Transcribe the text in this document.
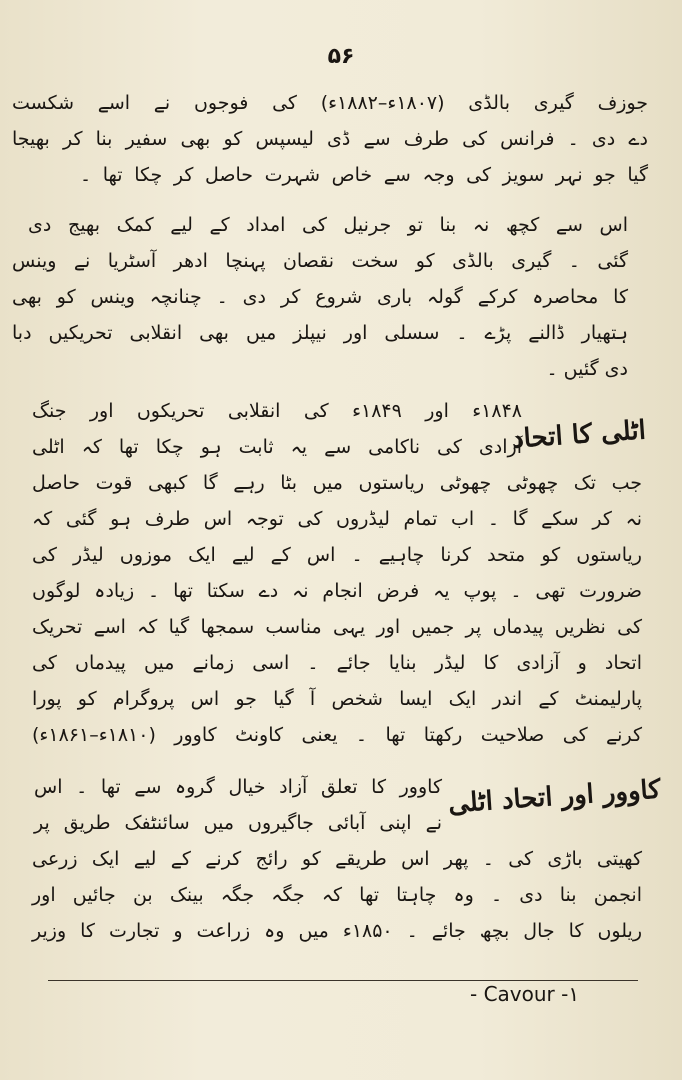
۵۶
جوزف گیری بالڈی (۱۸۰۷ء–۱۸۸۲ء) کی فوجوں نے اسے شکست
دے دی ۔ فرانس کی طرف سے ڈی لیسپس کو بھی سفیر بنا کر بھیجا
گیا جو نہر سویز کی وجہ سے خاص شہرت حاصل کر چکا تھا ۔
اس سے کچھ نہ بنا تو جرنیل کی امداد کے لیے کمک بھیج دی
گئی ۔ گیری بالڈی کو سخت نقصان پہنچا ادھر آسٹریا نے وینس
کا محاصرہ کرکے گولہ باری شروع کر دی ۔ چنانچہ وینس کو بھی
ہتھیار ڈالنے پڑے ۔ سسلی اور نیپلز میں بھی انقلابی تحریکیں دبا
دی گئیں ۔
اٹلی کا اتحاد
۱۸۴۸ء اور ۱۸۴۹ء کی انقلابی تحریکوں اور جنگ
آزادی کی ناکامی سے یہ ثابت ہو چکا تھا کہ اٹلی
جب تک چھوٹی چھوٹی ریاستوں میں بٹا رہے گا کبھی قوت حاصل
نہ کر سکے گا ۔ اب تمام لیڈروں کی توجہ اس طرف ہو گئی کہ
ریاستوں کو متحد کرنا چاہیے ۔ اس کے لیے ایک موزوں لیڈر کی
ضرورت تھی ۔ پوپ یہ فرض انجام نہ دے سکتا تھا ۔ زیادہ لوگوں
کی نظریں پیدماں پر جمیں اور یہی مناسب سمجھا گیا کہ اسے تحریک
اتحاد و آزادی کا لیڈر بنایا جائے ۔ اسی زمانے میں پیدماں کی
پارلیمنٹ کے اندر ایک ایسا شخص آ گیا جو اس پروگرام کو پورا
کرنے کی صلاحیت رکھتا تھا ۔ یعنی کاونٹ کاوور (۱۸۱۰ء–۱۸۶۱ء)
کاوور اور اتحاد اٹلی
کاوور کا تعلق آزاد خیال گروہ سے تھا ۔ اس
نے اپنی آبائی جاگیروں میں سائنٹفک طریق پر
کھیتی باڑی کی ۔ پھر اس طریقے کو رائج کرنے کے لیے ایک زرعی
انجمن بنا دی ۔ وہ چاہتا تھا کہ جگہ جگہ بینک بن جائیں اور
ریلوں کا جال بچھ جائے ۔ ۱۸۵۰ء میں وہ زراعت و تجارت کا وزیر
- Cavour -۱
